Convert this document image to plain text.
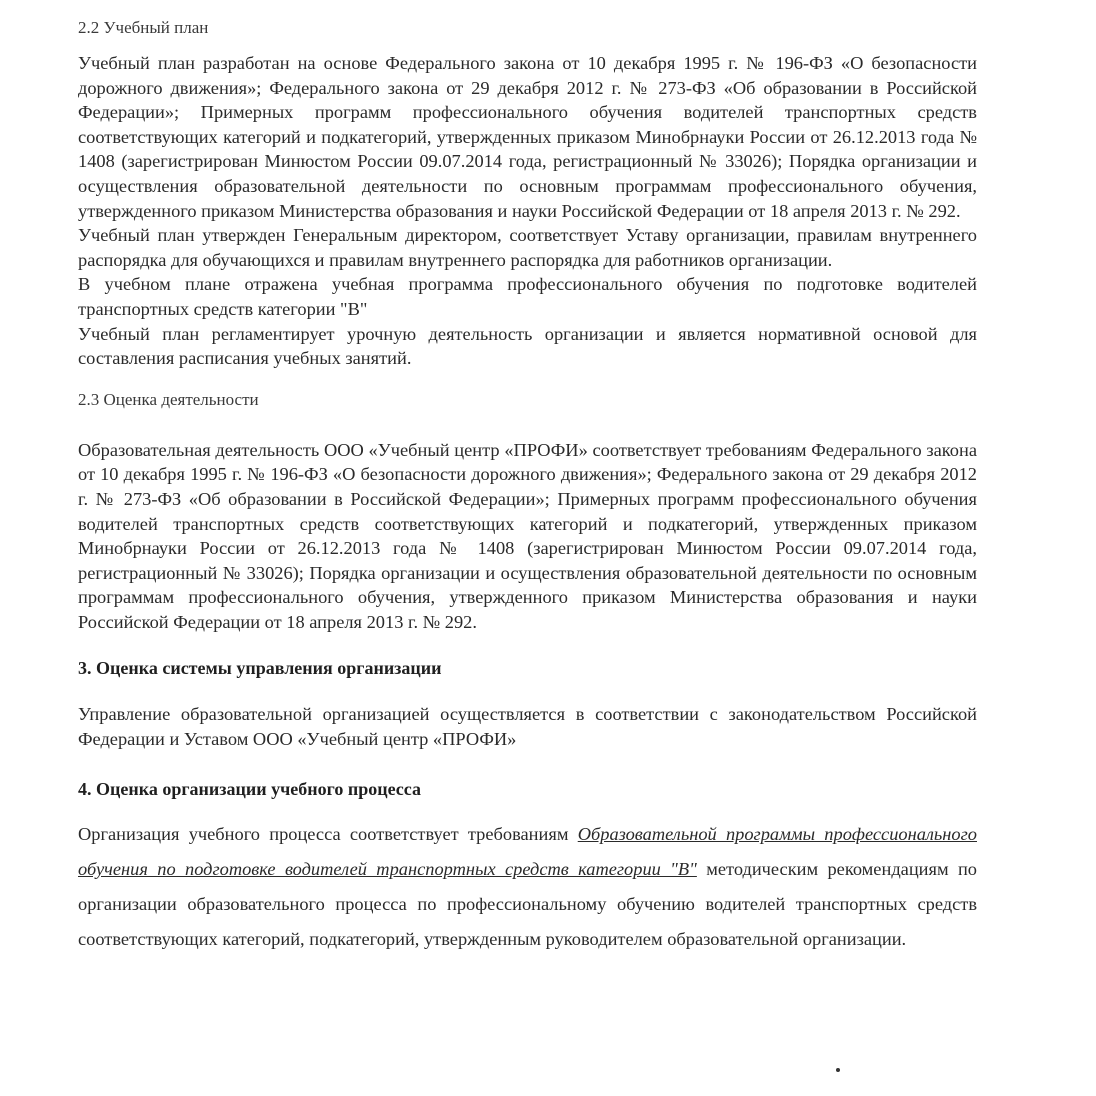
2.2 Учебный план

Учебный план разработан на основе Федерального закона от 10 декабря 1995 г. № 196-ФЗ «О безопасности дорожного движения»; Федерального закона от 29 декабря 2012 г. № 273-ФЗ «Об образовании в Российской Федерации»; Примерных программ профессионального обучения водителей транспортных средств соответствующих категорий и подкатегорий, утвержденных приказом Минобрнауки России от 26.12.2013 года № 1408 (зарегистрирован Минюстом России 09.07.2014 года, регистрационный № 33026); Порядка организации и осуществления образовательной деятельности по основным программам профессионального обучения, утвержденного приказом Министерства образования и науки Российской Федерации от 18 апреля 2013 г. № 292.

Учебный план утвержден Генеральным директором, соответствует Уставу организации, правилам внутреннего распорядка для обучающихся и правилам внутреннего распорядка для работников организации.

В учебном плане отражена учебная программа профессионального обучения по подготовке водителей транспортных средств категории "В"

Учебный план регламентирует урочную деятельность организации и является нормативной основой для составления расписания учебных занятий.

2.3 Оценка деятельности

Образовательная деятельность ООО «Учебный центр «ПРОФИ» соответствует требованиям Федерального закона от 10 декабря 1995 г. № 196-ФЗ «О безопасности дорожного движения»; Федерального закона от 29 декабря 2012 г. № 273-ФЗ «Об образовании в Российской Федерации»; Примерных программ профессионального обучения водителей транспортных средств соответствующих категорий и подкатегорий, утвержденных приказом Минобрнауки России от 26.12.2013 года № 1408 (зарегистрирован Минюстом России 09.07.2014 года, регистрационный № 33026); Порядка организации и осуществления образовательной деятельности по основным программам профессионального обучения, утвержденного приказом Министерства образования и науки Российской Федерации от 18 апреля 2013 г. № 292.

3. Оценка системы управления организации

Управление образовательной организацией осуществляется в соответствии с законодательством Российской Федерации и Уставом ООО «Учебный центр «ПРОФИ»

4. Оценка организации учебного процесса

Организация учебного процесса соответствует требованиям Образовательной программы профессионального обучения по подготовке водителей транспортных средств категории "В" методическим рекомендациям по организации образовательного процесса по профессиональному обучению водителей транспортных средств соответствующих категорий, подкатегорий, утвержденным руководителем образовательной организации.
